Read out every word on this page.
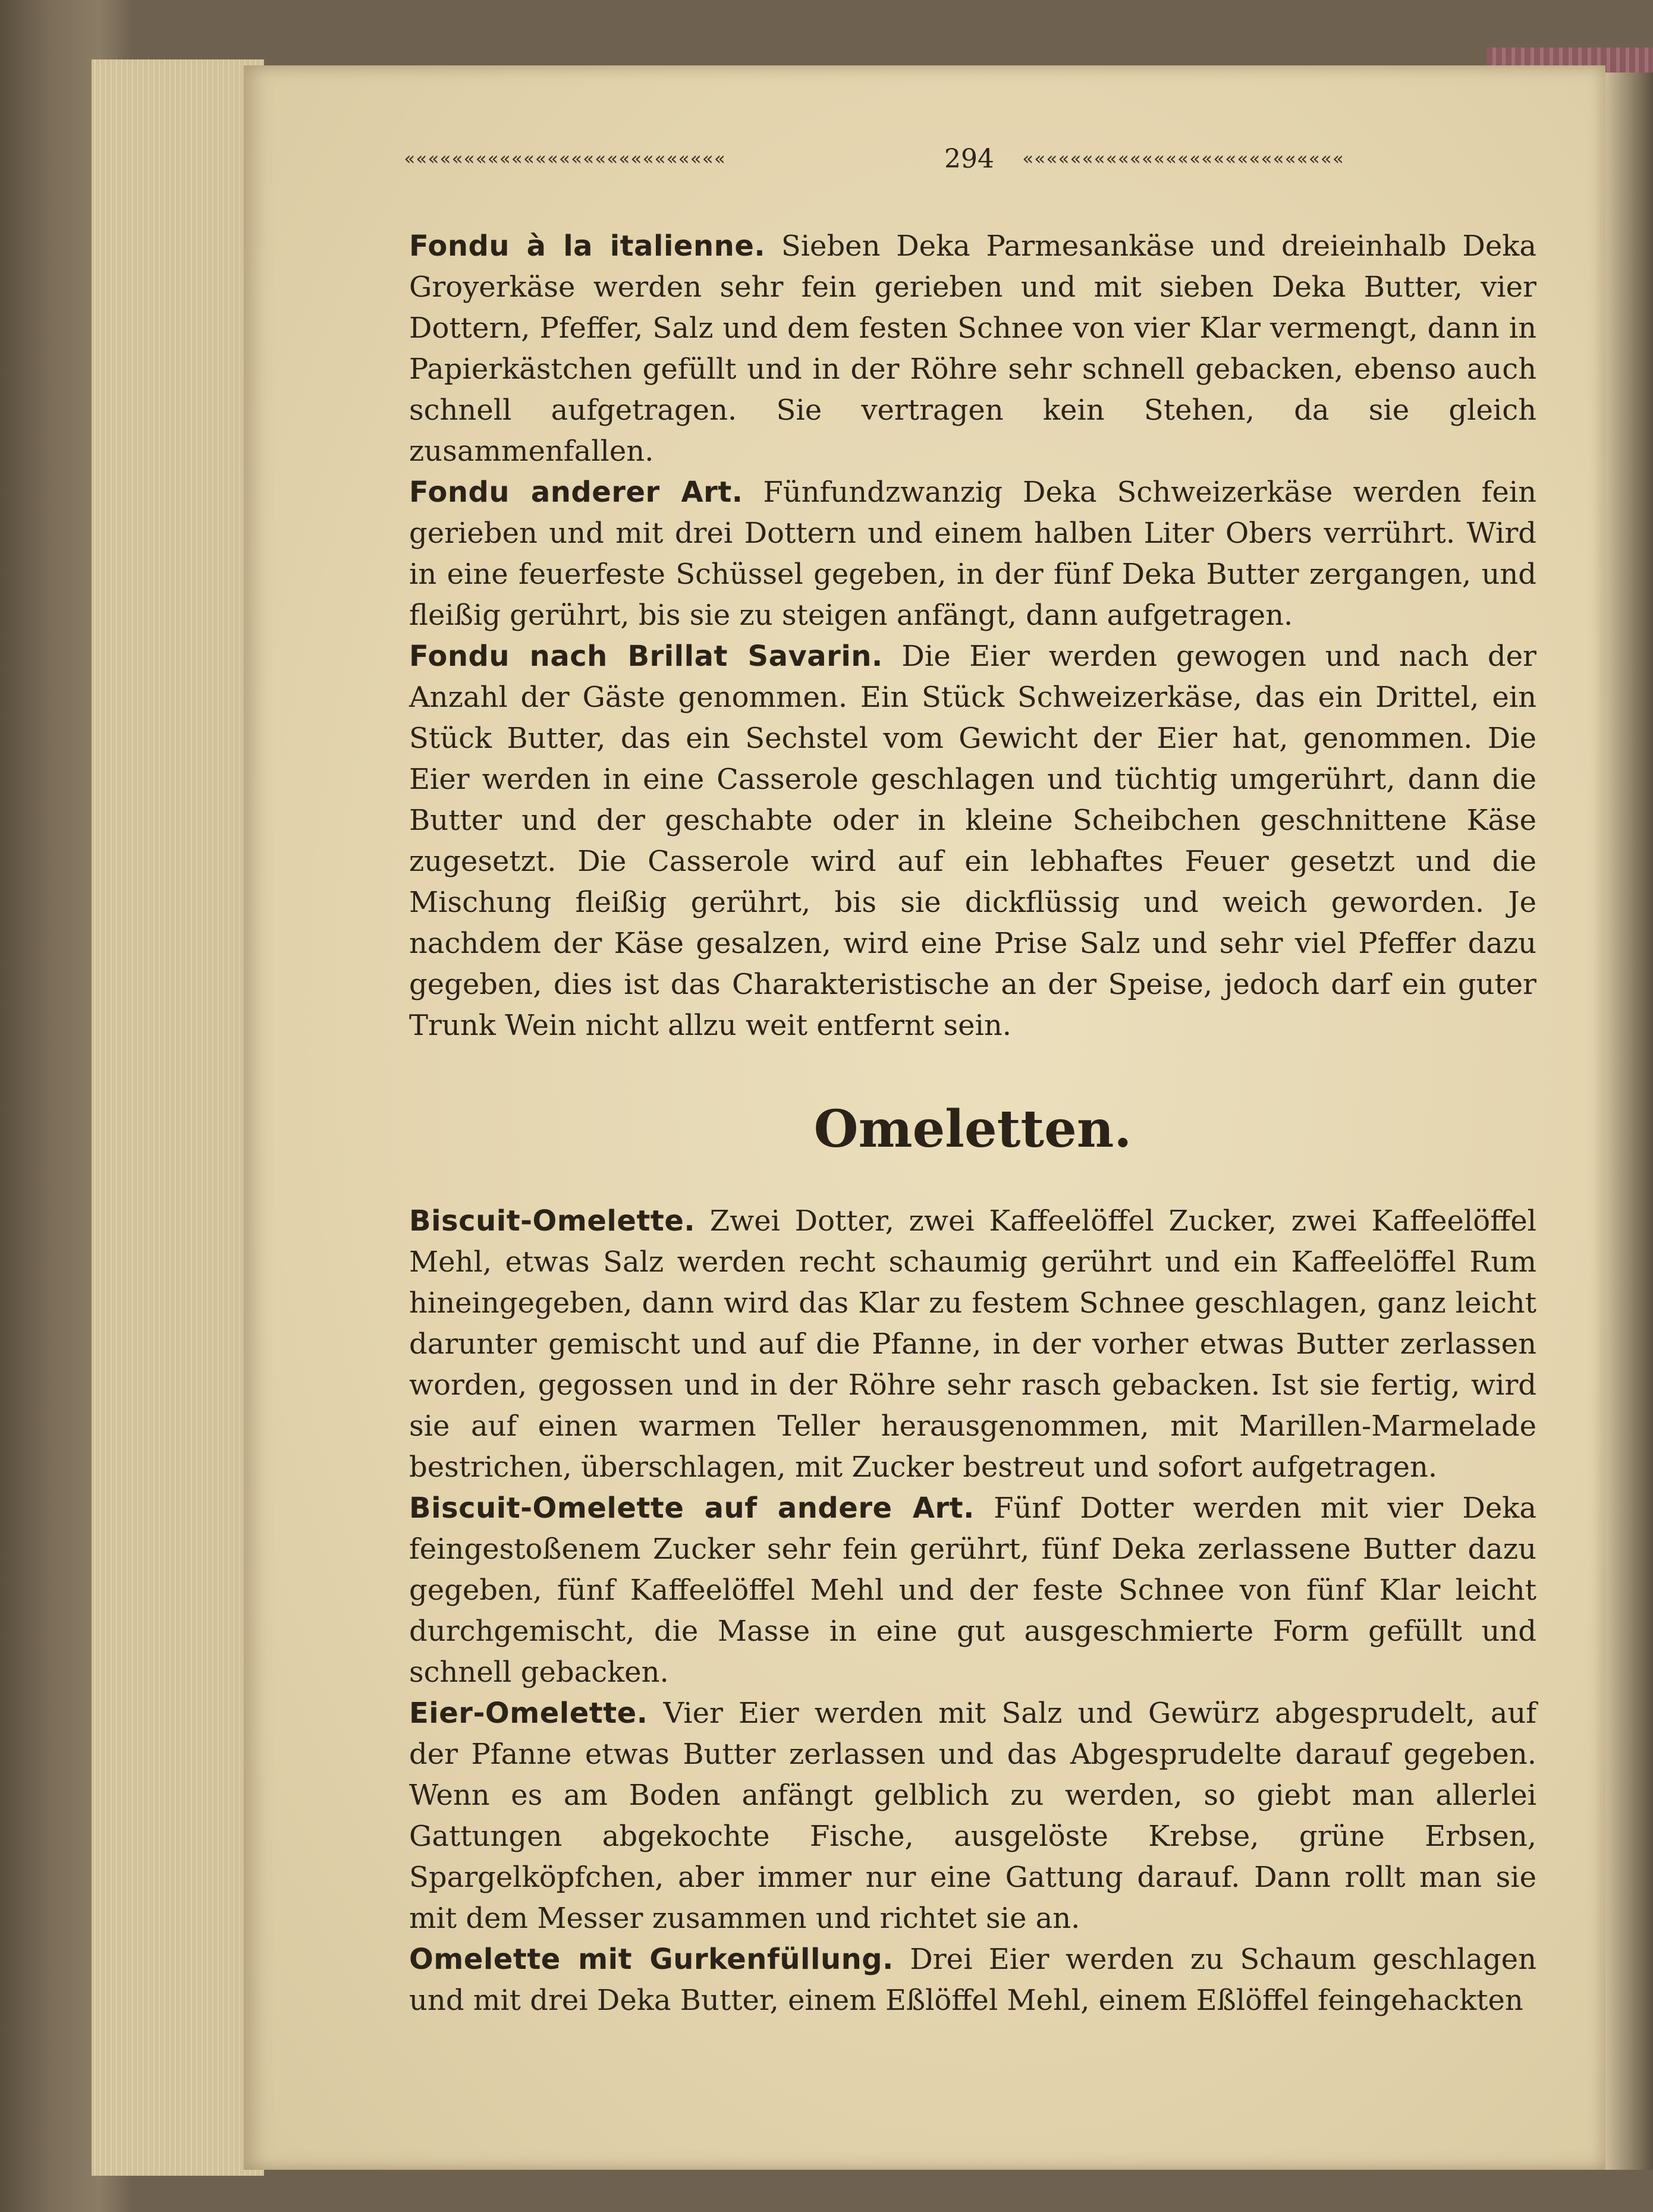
«««««««««««««««««««««««««««	294 «««««««««««««««««««««««««««

Fondu à la italienne. Sieben Deka Parmesankäse und dreieinhalb Deka Groyerkäse werden sehr fein gerieben und mit sieben Deka Butter, vier Dottern, Pfeffer, Salz und dem festen Schnee von vier Klar vermengt, dann in Papierkästchen gefüllt und in der Röhre sehr schnell gebacken, ebenso auch schnell aufgetragen. Sie vertragen kein Stehen, da sie gleich zusammenfallen.

Fondu anderer Art. Fünfundzwanzig Deka Schweizerkäse werden fein gerieben und mit drei Dottern und einem halben Liter Obers verrührt. Wird in eine feuerfeste Schüssel gegeben, in der fünf Deka Butter zergangen, und fleißig gerührt, bis sie zu steigen anfängt, dann aufgetragen.

Fondu nach Brillat Savarin. Die Eier werden gewogen und nach der Anzahl der Gäste genommen. Ein Stück Schweizerkäse, das ein Drittel, ein Stück Butter, das ein Sechstel vom Gewicht der Eier hat, genommen. Die Eier werden in eine Casserole geschlagen und tüchtig umgerührt, dann die Butter und der geschabte oder in kleine Scheibchen geschnittene Käse zugesetzt. Die Casserole wird auf ein lebhaftes Feuer gesetzt und die Mischung fleißig gerührt, bis sie dickflüssig und weich geworden. Je nachdem der Käse gesalzen, wird eine Prise Salz und sehr viel Pfeffer dazu gegeben, dies ist das Charakteristische an der Speise, jedoch darf ein guter Trunk Wein nicht allzu weit entfernt sein.

Omeletten.

Biscuit-Omelette. Zwei Dotter, zwei Kaffeelöffel Zucker, zwei Kaffeelöffel Mehl, etwas Salz werden recht schaumig gerührt und ein Kaffeelöffel Rum hineingegeben, dann wird das Klar zu festem Schnee geschlagen, ganz leicht darunter gemischt und auf die Pfanne, in der vorher etwas Butter zerlassen worden, gegossen und in der Röhre sehr rasch gebacken. Ist sie fertig, wird sie auf einen warmen Teller herausgenommen, mit Marillen-Marmelade bestrichen, überschlagen, mit Zucker bestreut und sofort aufgetragen.

Biscuit-Omelette auf andere Art. Fünf Dotter werden mit vier Deka feingestoßenem Zucker sehr fein gerührt, fünf Deka zerlassene Butter dazu gegeben, fünf Kaffeelöffel Mehl und der feste Schnee von fünf Klar leicht durchgemischt, die Masse in eine gut ausgeschmierte Form gefüllt und schnell gebacken.

Eier-Omelette. Vier Eier werden mit Salz und Gewürz abgesprudelt, auf der Pfanne etwas Butter zerlassen und das Abgesprudelte darauf gegeben. Wenn es am Boden anfängt gelblich zu werden, so giebt man allerlei Gattungen abgekochte Fische, ausgelöste Krebse, grüne Erbsen, Spargelköpfchen, aber immer nur eine Gattung darauf. Dann rollt man sie mit dem Messer zusammen und richtet sie an.

Omelette mit Gurkenfüllung. Drei Eier werden zu Schaum geschlagen und mit drei Deka Butter, einem Eßlöffel Mehl, einem Eßlöffel feingehackten
